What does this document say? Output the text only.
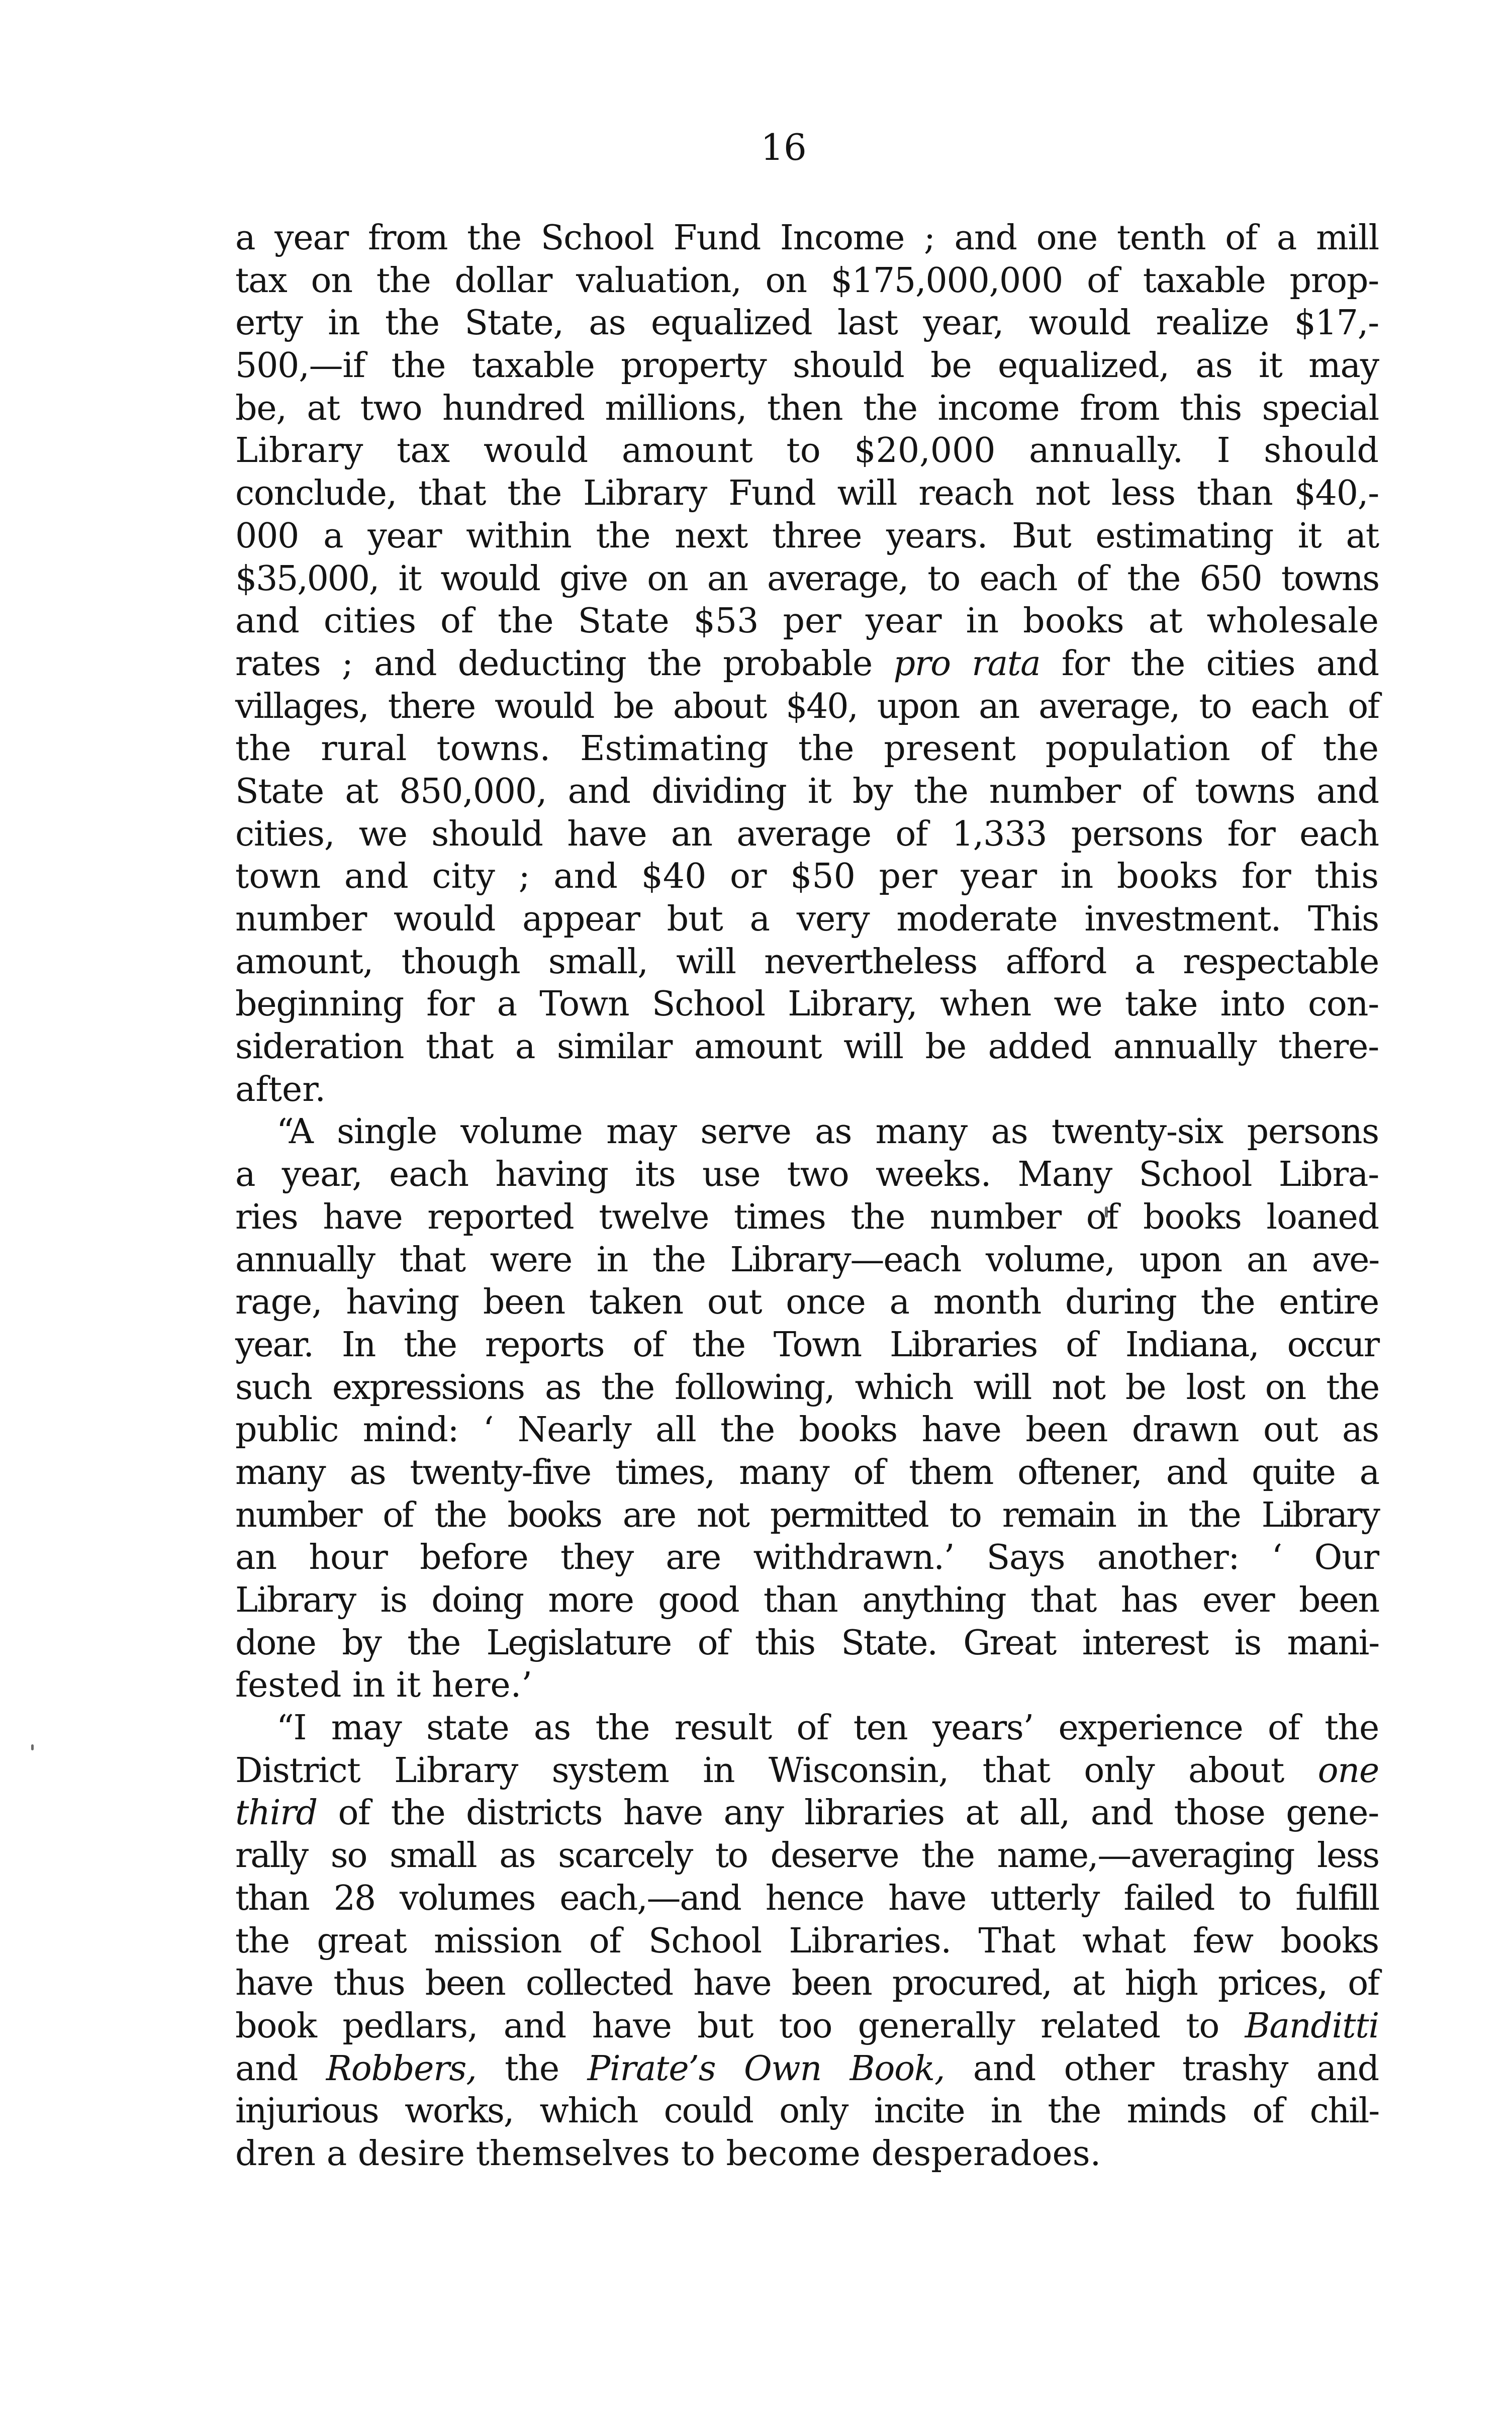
16
a year from the School Fund Income ; and one tenth of a mill
tax on the dollar valuation, on $175,000,000 of taxable prop-
erty in the State, as equalized last year, would realize $17,-
500,—if the taxable property should be equalized, as it may
be, at two hundred millions, then the income from this special
Library tax would amount to $20,000 annually. I should
conclude, that the Library Fund will reach not less than $40,-
000 a year within the next three years. But estimating it at
$35,000, it would give on an average, to each of the 650 towns
and cities of the State $53 per year in books at wholesale
rates ; and deducting the probable pro rata for the cities and
villages, there would be about $40, upon an average, to each of
the rural towns. Estimating the present population of the
State at 850,000, and dividing it by the number of towns and
cities, we should have an average of 1,333 persons for each
town and city ; and $40 or $50 per year in books for this
number would appear but a very moderate investment. This
amount, though small, will nevertheless afford a respectable
beginning for a Town School Library, when we take into con-
sideration that a similar amount will be added annually there-
after.
“A single volume may serve as many as twenty-six persons
a year, each having its use two weeks. Many School Libra-
ries have reported twelve times the number of books loaned
annually that were in the Library—each volume, upon an ave-
rage, having been taken out once a month during the entire
year. In the reports of the Town Libraries of Indiana, occur
such expressions as the following, which will not be lost on the
public mind: ‘ Nearly all the books have been drawn out as
many as twenty-five times, many of them oftener, and quite a
number of the books are not permitted to remain in the Library
an hour before they are withdrawn.’ Says another: ‘ Our
Library is doing more good than anything that has ever been
done by the Legislature of this State. Great interest is mani-
fested in it here.’
“I may state as the result of ten years’ experience of the
District Library system in Wisconsin, that only about one
third of the districts have any libraries at all, and those gene-
rally so small as scarcely to deserve the name,—averaging less
than 28 volumes each,—and hence have utterly failed to fulfill
the great mission of School Libraries. That what few books
have thus been collected have been procured, at high prices, of
book pedlars, and have but too generally related to Banditti
and Robbers, the Pirate’s Own Book, and other trashy and
injurious works, which could only incite in the minds of chil-
dren a desire themselves to become desperadoes.
